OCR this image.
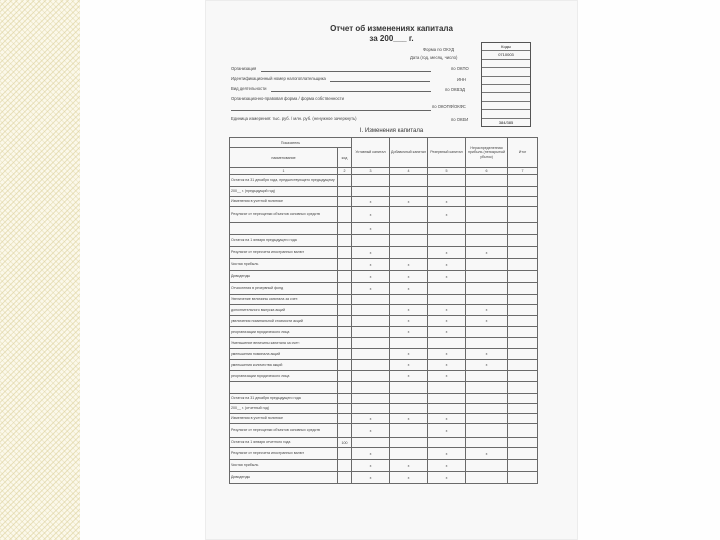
Отчет об изменениях капитала
за 200___ г.
Коды
0710003
384/385
Форма по ОКУД
Дата (год, месяц, число)
по ОКПО
ИНН
по ОКВЭД
по ОКОПФ/ОКФС
по ОКЕИ
Организация
Идентификационный номер налогоплательщика
Вид деятельности
Организационно-правовая форма / форма собственности
Единица измерения: тыс. руб. / млн. руб. (ненужное зачеркнуть)
I. Изменения капитала
Показатель		Уставный капитал	Добавочный капитал	Резервный капитал	Нераспределенная прибыль (непокрытый убыток)	Итог
наименование	код					
1	2	3	4	5	6	7
Остаток на 31 декабря года, предшествующего предыдущему						
200__ г. (предыдущий год)						
Изменения в учетной политике		x	x	x		
Результат от переоценки объектов основных средств		x		x		
		x				
Остаток на 1 января предыдущего года						
Результат от пересчета иностранных валют		x		x	x	
Чистая прибыль		x	x	x		
Дивиденды		x	x	x		
Отчисления в резервный фонд		x	x			
Увеличение величины капитала за счет:						
дополнительного выпуска акций			x	x	x	
увеличения номинальной стоимости акций			x	x	x	
реорганизации юридического лица			x	x		
Уменьшение величины капитала за счет:						
уменьшения номинала акций			x	x	x	
уменьшения количества акций			x	x	x	
реорганизации юридического лица			x	x		

Остаток на 31 декабря предыдущего года						
200__ г. (отчетный год)						
Изменения в учетной политике		x	x	x		
Результат от переоценки объектов основных средств		x		x		
Остаток на 1 января отчетного года	100					
Результат от пересчета иностранных валют		x		x	x	
Чистая прибыль		x	x	x		
Дивиденды		x	x	x		
